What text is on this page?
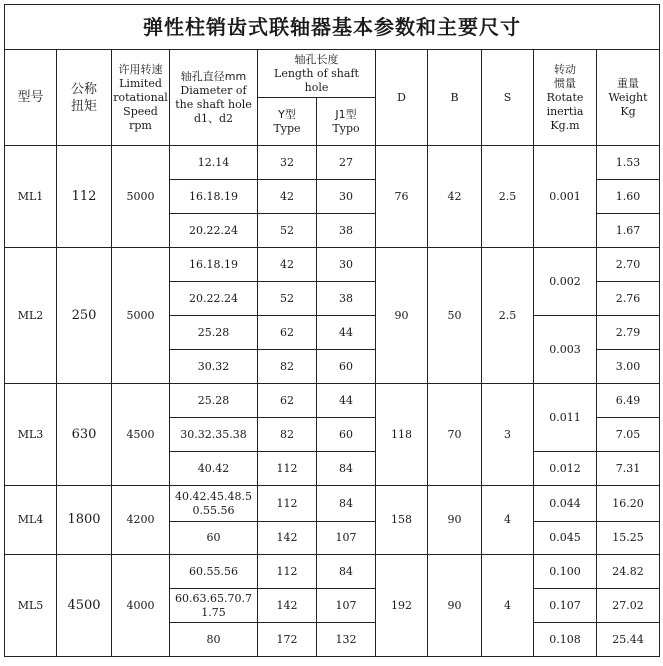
弹性柱销齿式联轴器基本参数和主要尺寸										
型号	公称扭矩	许用转速
Limited
rotational
Speed
rpm	轴孔直径mm
Diameter of
the shaft hole
d1、d2	轴孔长度
Length of shaft hole		D	B	S	转动惯量
Rotate
inertia
Kg.m	重量
Weight
Kg

				Y型
Type	J1型
Typo					

ML1	112	5000	12.14	32	27	76	42	2.5	0.001	1.53
			16.18.19	42	30					1.60
			20.22.24	52	38					1.67
ML2	250	5000	16.18.19	42	30	90	50	2.5	0.002	2.70
			20.22.24	52	38					2.76
			25.28	62	44				0.003	2.79
			30.32	82	60					3.00
ML3	630	4500	25.28	62	44	118	70	3	0.011	6.49
			30.32.35.38	82	60					7.05
			40.42	112	84				0.012	7.31
ML4	1800	4200	40.42.45.48.50.55.56	112	84	158	90	4	0.044	16.20
			60	142	107				0.045	15.25
ML5	4500	4000	60.55.56	112	84	192	90	4	0.100	24.82
			60.63.65.70.71.75	142	107				0.107	27.02
			80	172	132				0.108	25.44
